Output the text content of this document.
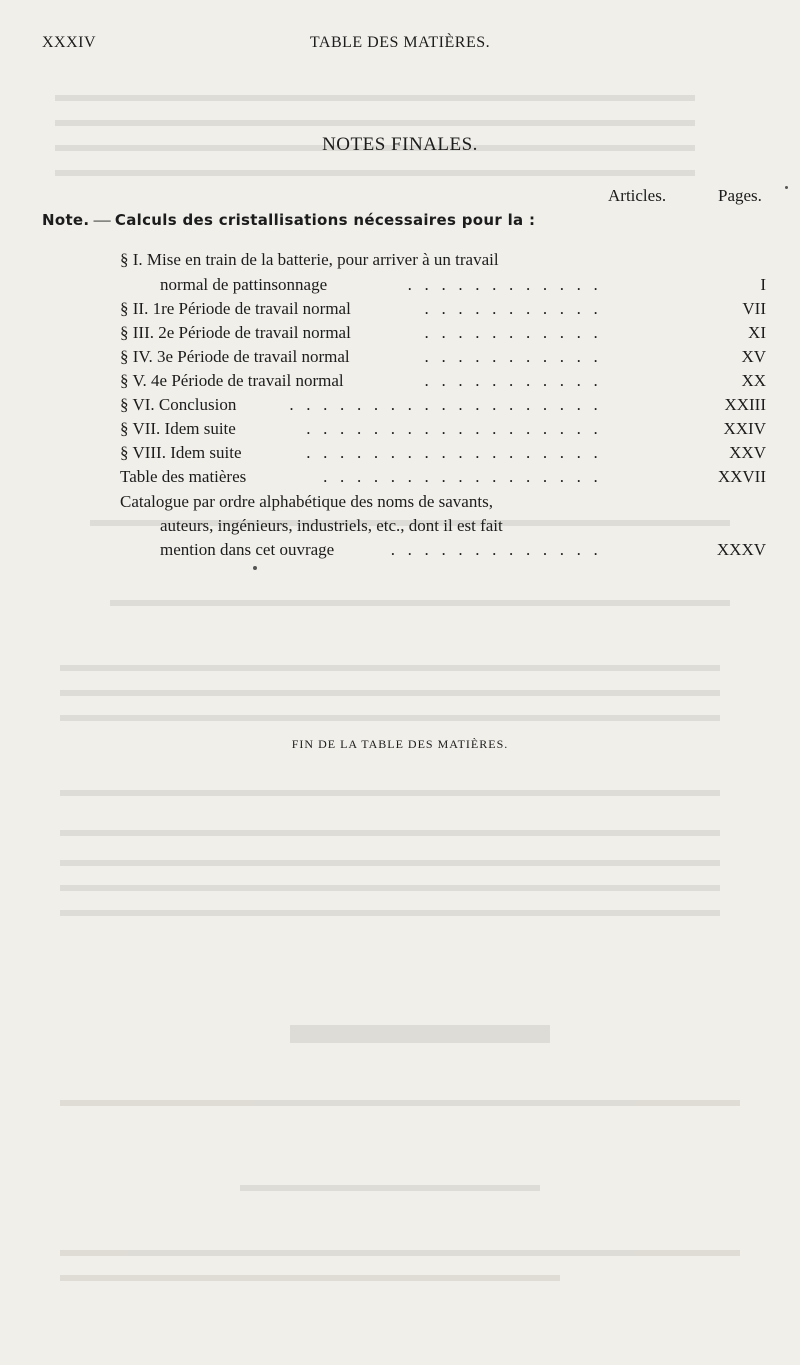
XXXIV	TABLE DES MATIÈRES.
NOTES FINALES.
Articles.	Pages.
Note. — Calculs des cristallisations nécessaires pour la :
§ I. Mise en train de la batterie, pour arriver à un travail
normal de pattinsonnage	. . . . . . . . . . . .	I
§ II. 1re Période de travail normal	. . . . . . . . . . .	VII
§ III. 2e Période de travail normal	. . . . . . . . . . .	XI
§ IV. 3e Période de travail normal	. . . . . . . . . . .	XV
§ V. 4e Période de travail normal	. . . . . . . . . . .	XX
§ VI. Conclusion	. . . . . . . . . . . . . . . . . . .	XXIII
§ VII. Idem suite	. . . . . . . . . . . . . . . . . .	XXIV
§ VIII. Idem suite	. . . . . . . . . . . . . . . . . .	XXV
Table des matières	. . . . . . . . . . . . . . . . .	XXVII
Catalogue par ordre alphabétique des noms de savants,
auteurs, ingénieurs, industriels, etc., dont il est fait
mention dans cet ouvrage	. . . . . . . . . . . . .	XXXV
FIN DE LA TABLE DES MATIÈRES.
